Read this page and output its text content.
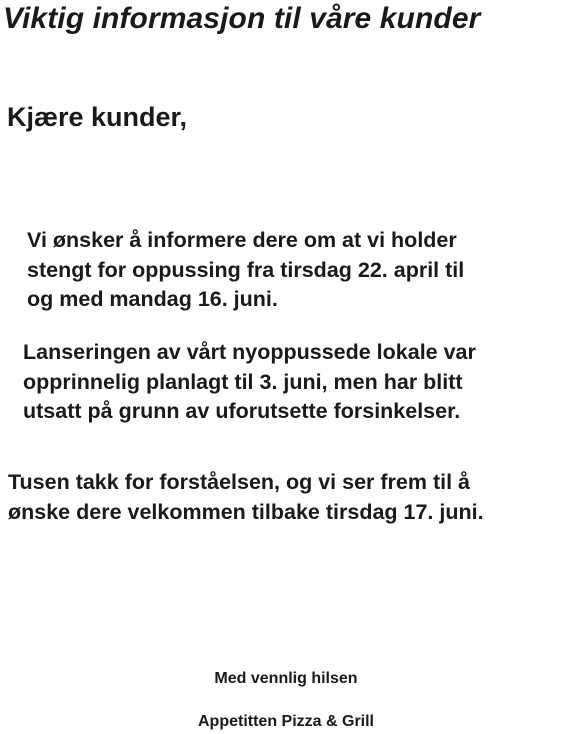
Viktig informasjon til våre kunder

Kjære kunder,

Vi ønsker å informere dere om at vi holder
stengt for oppussing fra tirsdag 22. april til
og med mandag 16. juni.

Lanseringen av vårt nyoppussede lokale var
opprinnelig planlagt til 3. juni, men har blitt
utsatt på grunn av uforutsette forsinkelser.

Tusen takk for forståelsen, og vi ser frem til å
ønske dere velkommen tilbake tirsdag 17. juni.

Med vennlig hilsen

Appetitten Pizza & Grill
